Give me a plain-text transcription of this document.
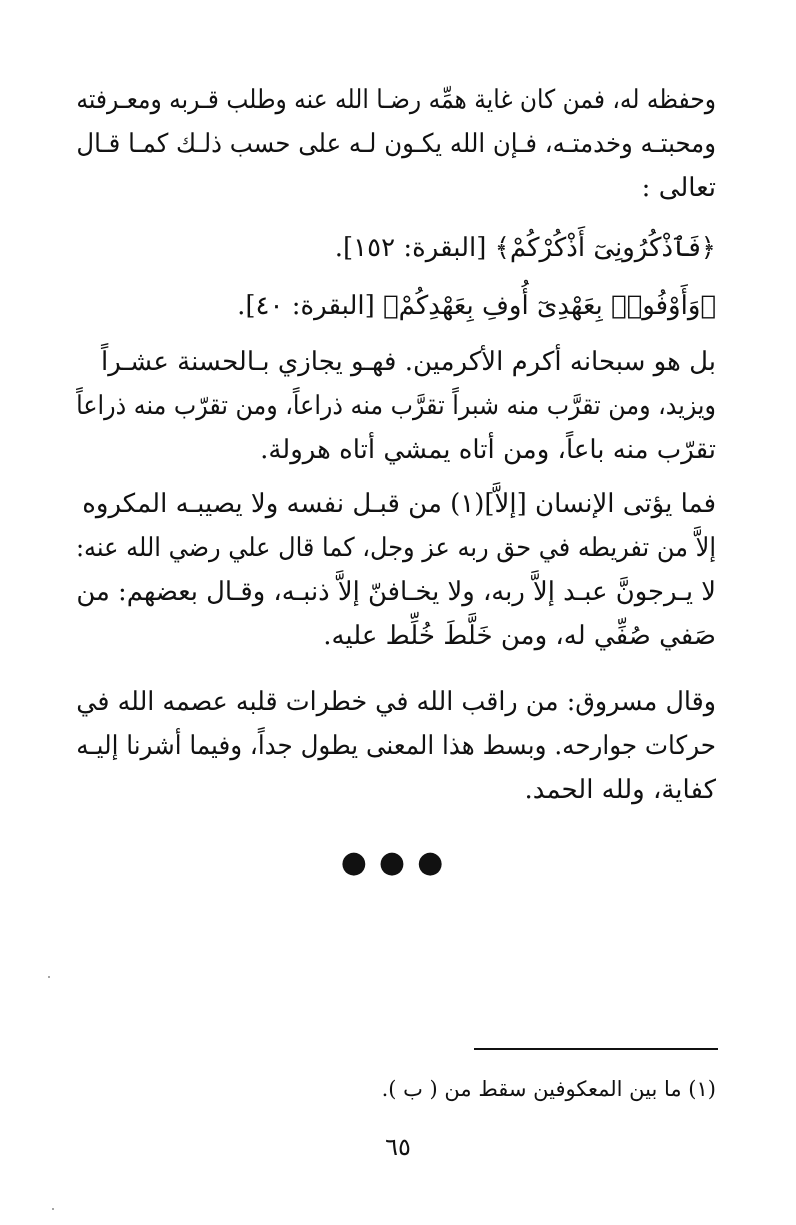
وحفظه له، فمن كان غاية همِّه رضـا الله عنه وطلب قـربه ومعـرفته
ومحبتـه وخدمتـه، فـإن الله يكـون لـه على حسب ذلـك كمـا قـال
تعالى :
﴿فَٱذْكُرُونِىٓ أَذْكُرْكُمْ﴾ [البقرة: ١٥٢].
﴿وَأَوْفُوا۟ بِعَهْدِىٓ أُوفِ بِعَهْدِكُمْ﴾ [البقرة: ٤٠].
بل هو سبحانه أكرم الأكرمين. فهـو يجازي بـالحسنة عشـراً
ويزيد، ومن تقرَّب منه شبراً تقرَّب منه ذراعاً، ومن تقرّب منه ذراعاً
تقرّب منه باعاً، ومن أتاه يمشي أتاه هرولة.
فما يؤتى الإنسان [إلاَّ](١) من قبـل نفسه ولا يصيبـه المكروه
إلاَّ من تفريطه في حق ربه عز وجل، كما قال علي رضي الله عنه:
لا يـرجونَّ عبـد إلاَّ ربه، ولا يخـافنّ إلاَّ ذنبـه، وقـال بعضهم: من
صَفي صُفِّي له، ومن خَلَّطَ خُلِّط عليه.
وقال مسروق: من راقب الله في خطرات قلبه عصمه الله في
حركات جوارحه. وبسط هذا المعنى يطول جداً، وفيما أشرنا إليـه
كفاية، ولله الحمد.
●●●
(١) ما بين المعكوفين سقط من ( ب ).
٦٥
